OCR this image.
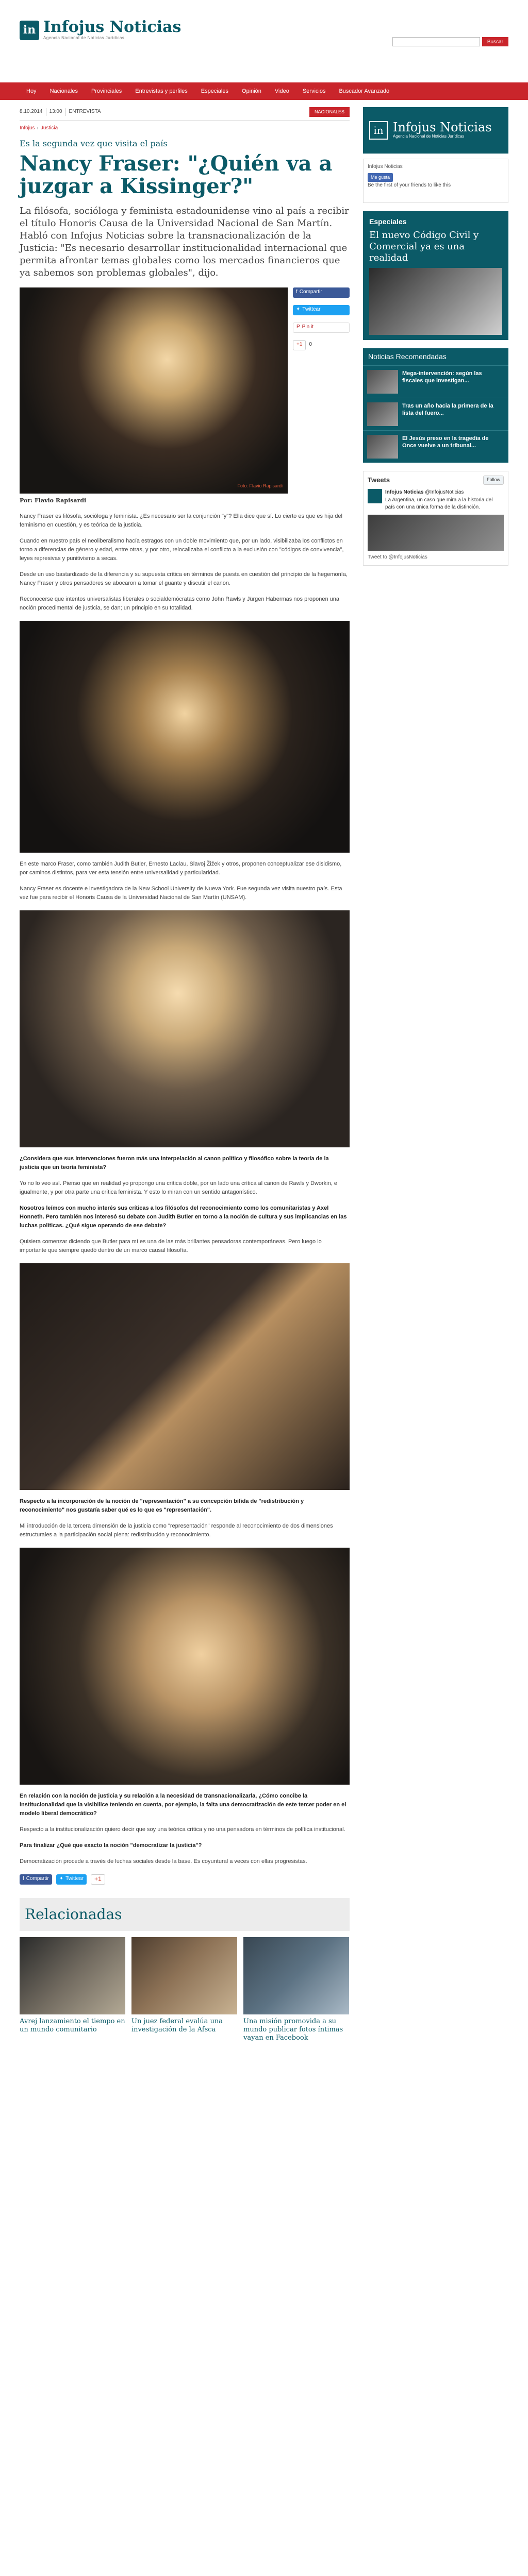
in Infojus Noticias
Agencia Nacional de Noticias Jurídicas
Buscar
Hoy	Nacionales	Provinciales	Entrevistas y perfiles	Especiales	Opinión	Video	Servicios	Buscador Avanzado
8.10.2014	13:00	ENTREVISTA	NACIONALES
Infojus › Justicia
Es la segunda vez que visita el país
Nancy Fraser: "¿Quién va a juzgar a Kissinger?"

La filósofa, socióloga y feminista estadounidense vino al país a recibir el título Honoris Causa de la Universidad Nacional de San Martín. Habló con Infojus Noticias sobre la transnacionalización de la Justicia: "Es necesario desarrollar institucionalidad internacional que permita afrontar temas globales como los mercados financieros que ya sabemos son problemas globales", dijo.

Foto: Flavio Rapisardi
f Compartir
✦ Twittear
P Pin it
+1	0
Por: Flavio Rapisardi

Nancy Fraser es filósofa, socióloga y feminista. ¿Es necesario ser la conjunción "y"? Ella dice que sí. Lo cierto es que es hija del feminismo en cuestión, y es teórica de la justicia.

Cuando en nuestro país el neoliberalismo hacía estragos con un doble movimiento que, por un lado, visibilizaba los conflictos en torno a diferencias de género y edad, entre otras, y por otro, relocalizaba el conflicto a la exclusión con "códigos de convivencia", leyes represivas y punitivismo a secas.

Desde un uso bastardizado de la diferencia y su supuesta crítica en términos de puesta en cuestión del principio de la hegemonía, Nancy Fraser y otros pensadores se abocaron a tomar el guante y discutir el canon.

Reconocerse que intentos universalistas liberales o socialdemócratas como John Rawls y Jürgen Habermas nos proponen una noción procedimental de justicia, se dan; un principio en su totalidad.

En este marco Fraser, como también Judith Butler, Ernesto Laclau, Slavoj Žižek y otros, proponen conceptualizar ese disidismo, por caminos distintos, para ver esta tensión entre universalidad y particularidad.

Nancy Fraser es docente e investigadora de la New School University de Nueva York. Fue segunda vez visita nuestro país. Esta vez fue para recibir el Honoris Causa de la Universidad Nacional de San Martín (UNSAM).

¿Considera que sus intervenciones fueron más una interpelación al canon político y filosófico sobre la teoría de la justicia que un teoría feminista?

Yo no lo veo así. Pienso que en realidad yo propongo una crítica doble, por un lado una crítica al canon de Rawls y Dworkin, e igualmente, y por otra parte una crítica feminista. Y esto lo miran con un sentido antagonístico.

Nosotros leímos con mucho interés sus críticas a los filósofos del reconocimiento como los comunitaristas y Axel Honneth. Pero también nos interesó su debate con Judith Butler en torno a la noción de cultura y sus implicancias en las luchas políticas. ¿Qué sigue operando de ese debate?

Quisiera comenzar diciendo que Butler para mí es una de las más brillantes pensadoras contemporáneas. Pero luego lo importante que siempre quedó dentro de un marco causal filosofía.

Respecto a la incorporación de la noción de "representación" a su concepción bifida de "redistribución y reconocimiento" nos gustaría saber qué es lo que es "representación".

Mi introducción de la tercera dimensión de la justicia como "representación" responde al reconocimiento de dos dimensiones estructurales a la participación social plena: redistribución y reconocimiento.

En relación con la noción de justicia y su relación a la necesidad de transnacionalizarla, ¿Cómo concibe la institucionalidad que la visibilice teniendo en cuenta, por ejemplo, la falta una democratización de este tercer poder en el modelo liberal democrático?

Respecto a la institucionalización quiero decir que soy una teórica crítica y no una pensadora en términos de política institucional.

Para finalizar ¿Qué que exacto la noción "democratizar la justicia"?

Democratización procede a través de luchas sociales desde la base. Es coyuntural a veces con ellas progresistas.

f Compartir ✦ Twittear	+1
Relacionadas
Avrej lanzamiento el tiempo en un mundo comunitario
Un juez federal evalúa una investigación de la Afsca
Una misión promovida a su mundo publicar fotos íntimas vayan en Facebook
in Infojus Noticias
Agencia Nacional de Noticias Jurídicas
Infojus Noticias
Me gusta
Be the first of your friends to like this
Especiales
El nuevo Código Civil y Comercial ya es una realidad
Noticias Recomendadas
Mega-intervención: según las fiscales que investigan...
Tras un año hacia la primera de la lista del fuero...
El Jesús preso en la tragedia de Once vuelve a un tribunal...
Tweets	Follow
Infojus Noticias @InfojusNoticias
La Argentina, un caso que mira a la historia del país con una única forma de la distinción.
Tweet to @InfojusNoticias
